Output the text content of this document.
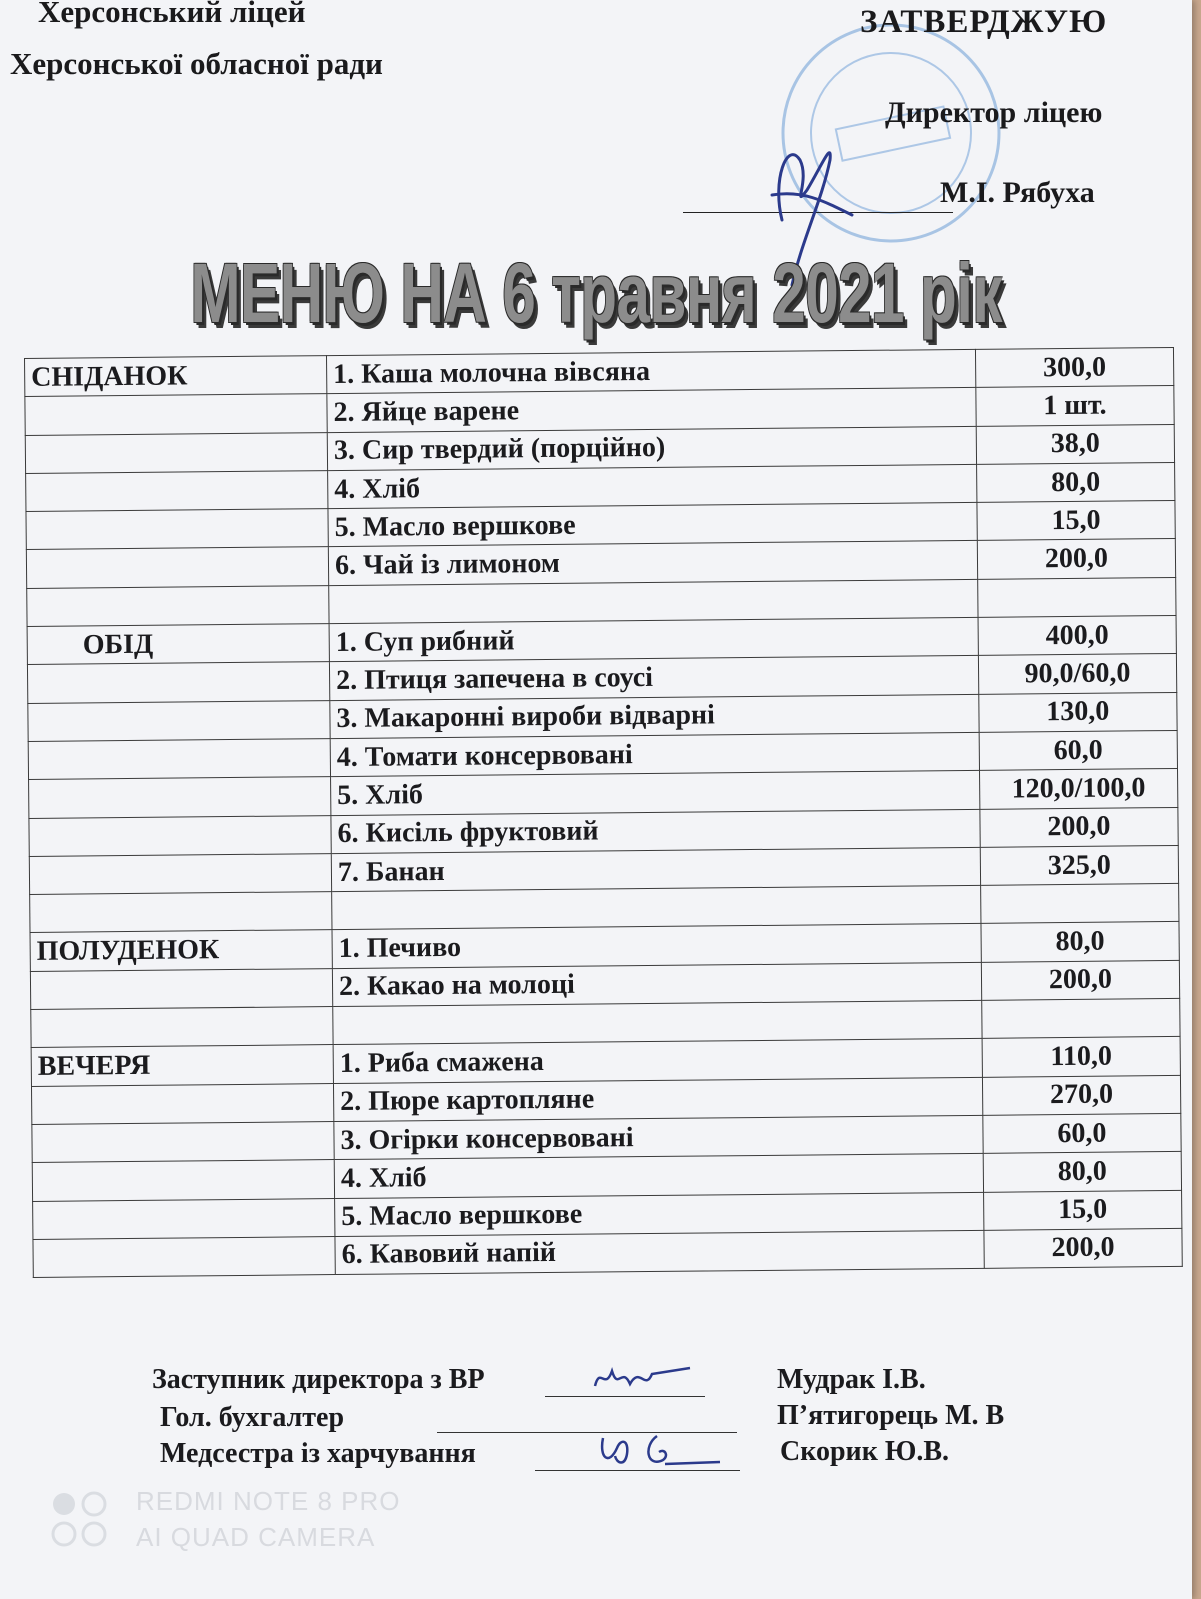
Херсонський ліцей
Херсонської обласної ради
ЗАТВЕРДЖУЮ
Директор ліцею
М.І. Рябуха
МЕНЮ НА 6 травня 2021 рік
СНІДАНОК	1. Каша молочна вівсяна	300,0
	2. Яйце варене	1 шт.
	3. Сир твердий (порційно)	38,0
	4. Хліб	80,0
	5. Масло вершкове	15,0
	6. Чай із лимоном	200,0

ОБІД	1. Суп рибний	400,0
	2. Птиця запечена в соусі	90,0/60,0
	3. Макаронні вироби відварні	130,0
	4. Томати консервовані	60,0
	5. Хліб	120,0/100,0
	6. Кисіль фруктовий	200,0
	7. Банан	325,0

ПОЛУДЕНОК	1. Печиво	80,0
	2. Какао на молоці	200,0

ВЕЧЕРЯ	1. Риба смажена	110,0
	2. Пюре картопляне	270,0
	3. Огірки консервовані	60,0
	4. Хліб	80,0
	5. Масло вершкове	15,0
	6. Кавовий напій	200,0
Заступник директора з ВР	Мудрак І.В.
Гол. бухгалтер	П’ятигорець М. В
Медсестра із харчування	Скорик Ю.В.
REDMI NOTE 8 PRO
AI QUAD CAMERA
